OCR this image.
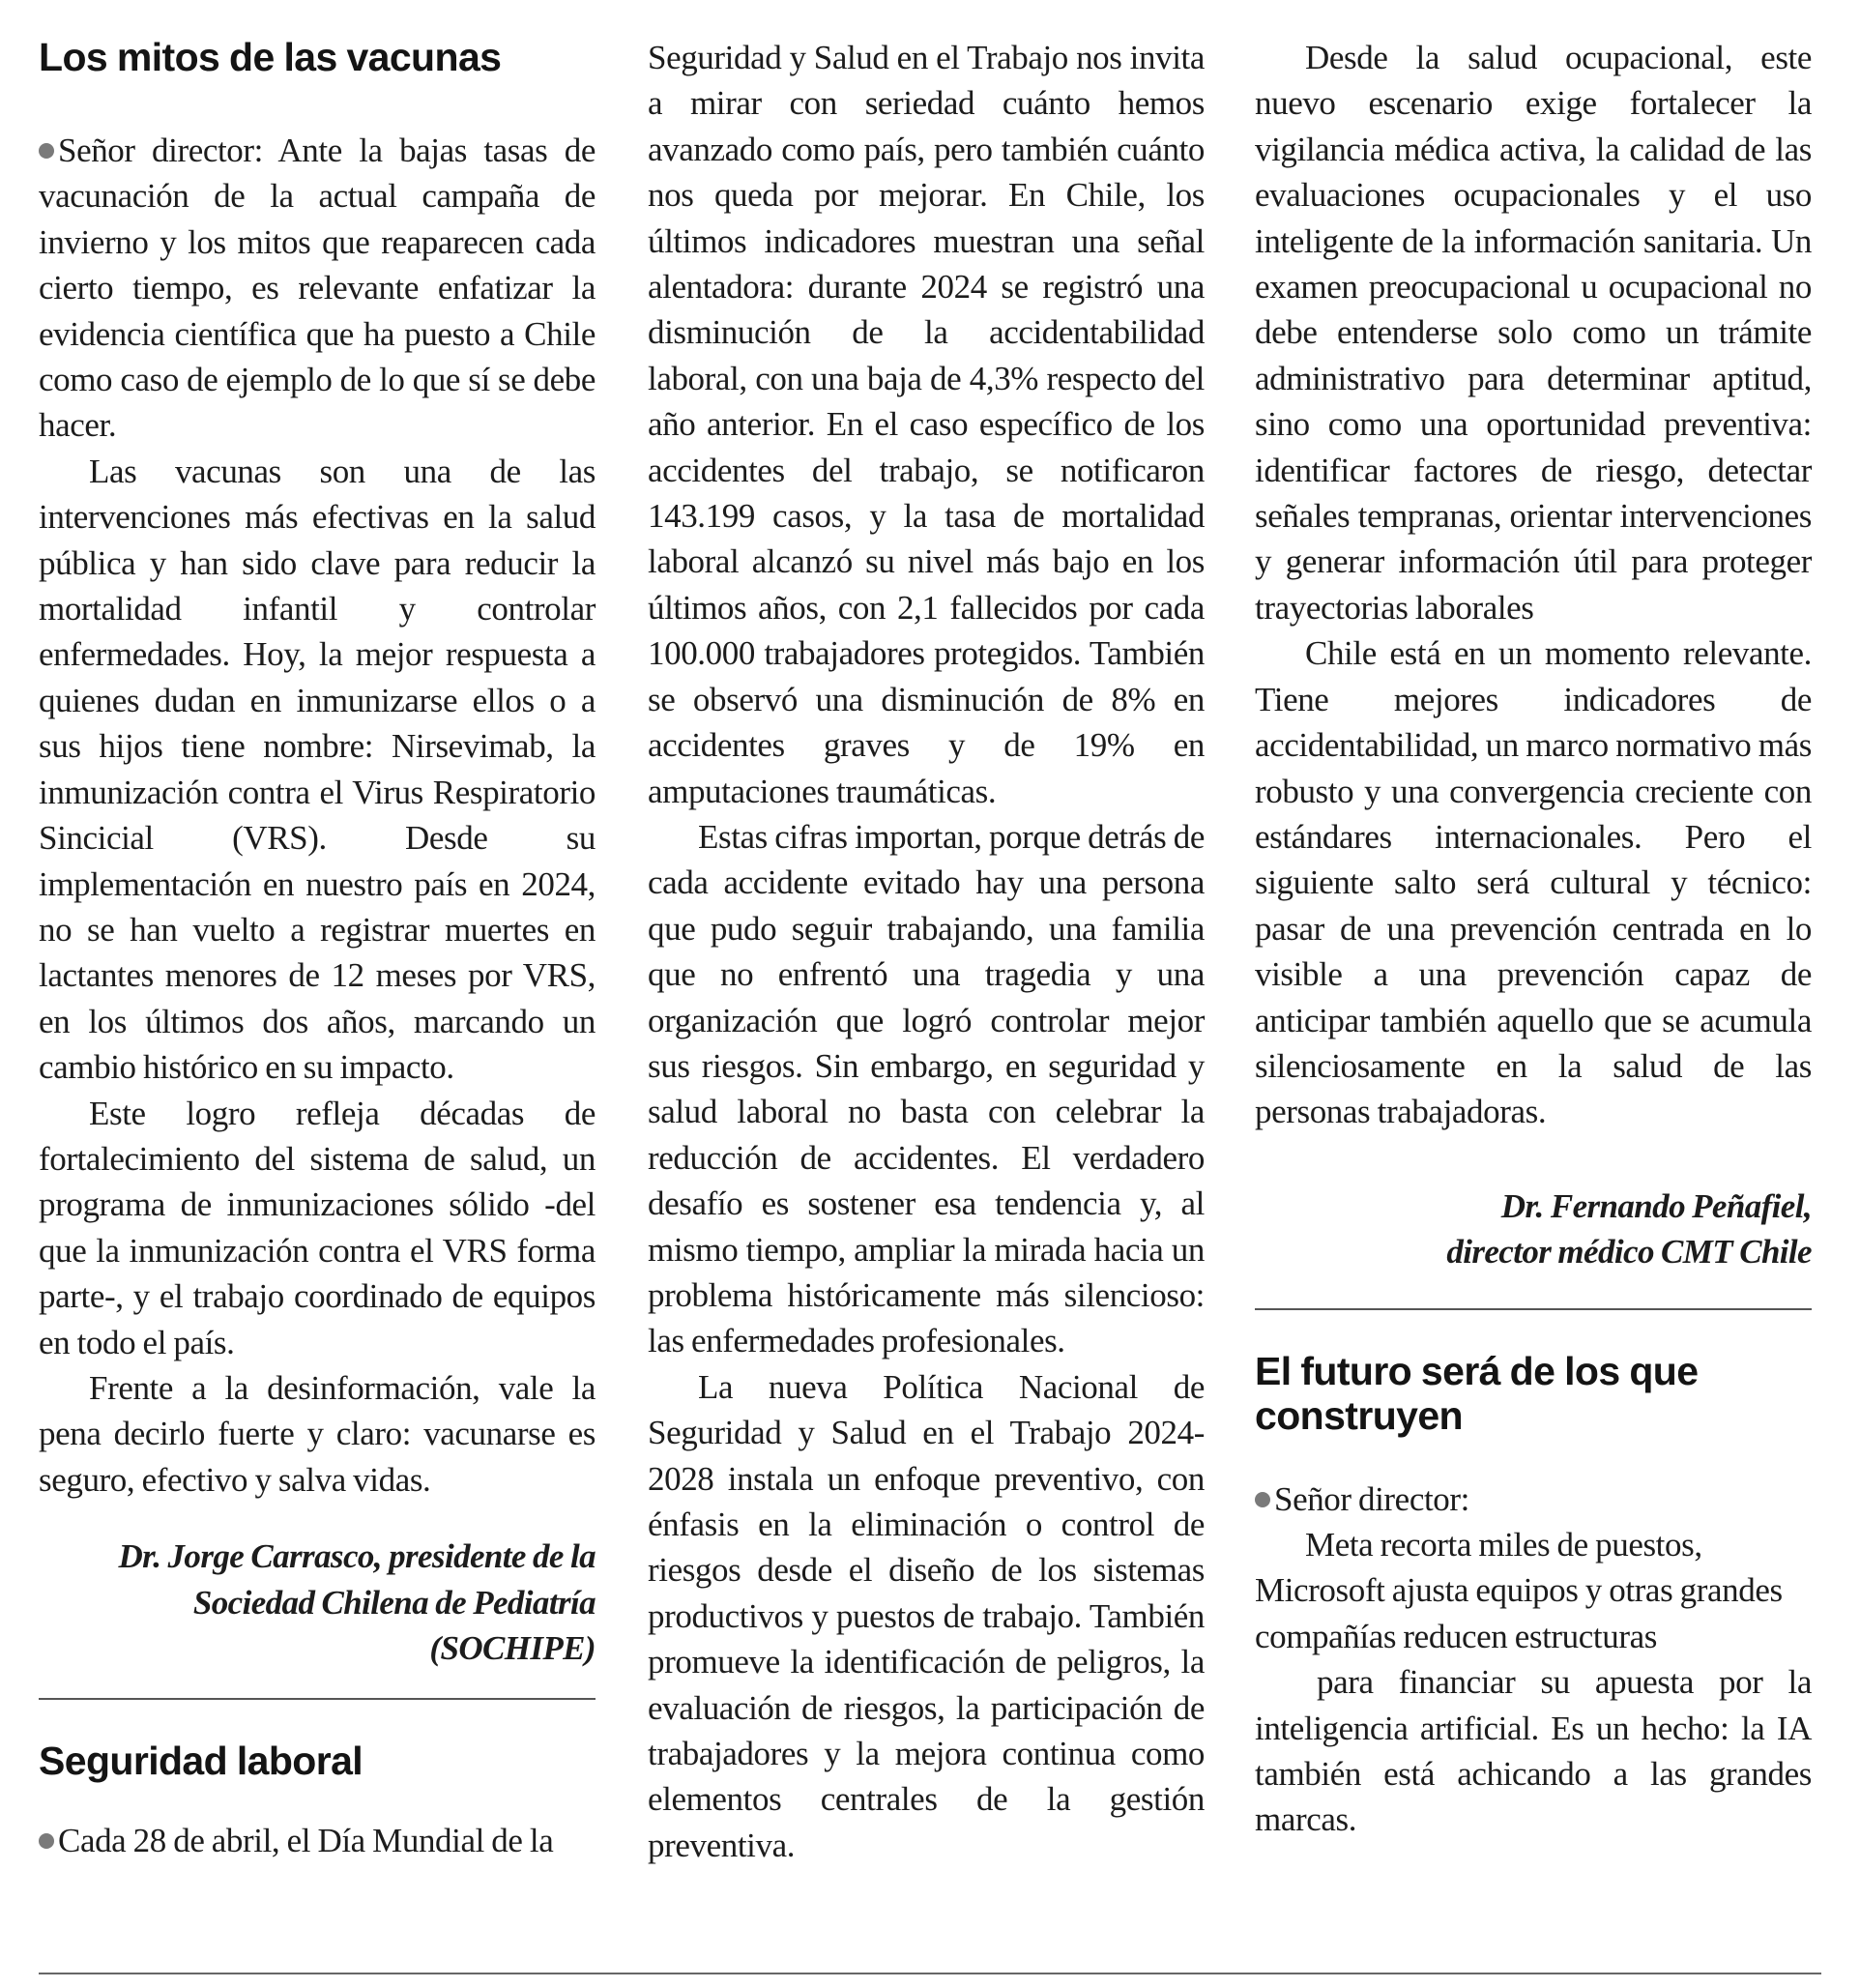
Los mitos de las vacunas

Señor director: Ante la bajas tasas de vacunación de la actual campaña de invierno y los mitos que reaparecen cada cierto tiempo, es relevante enfatizar la evidencia científica que ha puesto a Chile como caso de ejemplo de lo que sí se debe hacer.

Las vacunas son una de las intervenciones más efectivas en la salud pública y han sido clave para reducir la mortalidad infantil y controlar enfermedades. Hoy, la mejor respuesta a quienes dudan en inmunizarse ellos o a sus hijos tiene nombre: Nirsevimab, la inmunización contra el Virus Respiratorio Sincicial (VRS). Desde su implementación en nuestro país en 2024, no se han vuelto a registrar muertes en lactantes menores de 12 meses por VRS, en los últimos dos años, marcando un cambio histórico en su impacto.

Este logro refleja décadas de fortalecimiento del sistema de salud, un programa de inmunizaciones sólido -del que la inmunización contra el VRS forma parte-, y el trabajo coordinado de equipos en todo el país.

Frente a la desinformación, vale la pena decirlo fuerte y claro: vacunarse es seguro, efectivo y salva vidas.

Dr. Jorge Carrasco, presidente de la

Sociedad Chilena de Pediatría

(SOCHIPE)

Seguridad laboral

Cada 28 de abril, el Día Mundial de la

Seguridad y Salud en el Trabajo nos invita a mirar con seriedad cuánto hemos avanzado como país, pero también cuánto nos queda por mejorar. En Chile, los últimos indicadores muestran una señal alentadora: durante 2024 se registró una disminución de la accidentabilidad laboral, con una baja de 4,3% respecto del año anterior. En el caso específico de los accidentes del trabajo, se notificaron 143.199 casos, y la tasa de mortalidad laboral alcanzó su nivel más bajo en los últimos años, con 2,1 fallecidos por cada 100.000 trabajadores protegidos. También se observó una disminución de 8% en accidentes graves y de 19% en amputaciones traumáticas.

Estas cifras importan, porque detrás de cada accidente evitado hay una persona que pudo seguir trabajando, una familia que no enfrentó una tragedia y una organización que logró controlar mejor sus riesgos. Sin embargo, en seguridad y salud laboral no basta con celebrar la reducción de accidentes. El verdadero desafío es sostener esa tendencia y, al mismo tiempo, ampliar la mirada hacia un problema históricamente más silencioso: las enfermedades profesionales.

La nueva Política Nacional de Seguridad y Salud en el Trabajo 2024-2028 instala un enfoque preventivo, con énfasis en la eliminación o control de riesgos desde el diseño de los sistemas productivos y puestos de trabajo. También promueve la identificación de peligros, la evaluación de riesgos, la participación de trabajadores y la mejora continua como elementos centrales de la gestión preventiva.

Desde la salud ocupacional, este nuevo escenario exige fortalecer la vigilancia médica activa, la calidad de las evaluaciones ocupacionales y el uso inteligente de la información sanitaria. Un examen preocupacional u ocupacional no debe entenderse solo como un trámite administrativo para determinar aptitud, sino como una oportunidad preventiva: identificar factores de riesgo, detectar señales tempranas, orientar intervenciones y generar información útil para proteger trayectorias laborales

Chile está en un momento relevante. Tiene mejores indicadores de accidentabilidad, un marco normativo más robusto y una convergencia creciente con estándares internacionales. Pero el siguiente salto será cultural y técnico: pasar de una prevención centrada en lo visible a una prevención capaz de anticipar también aquello que se acumula silenciosamente en la salud de las personas trabajadoras.

Dr. Fernando Peñafiel,

director médico CMT Chile

El futuro será de los que construyen

Señor director:

Meta recorta miles de puestos, Microsoft ajusta equipos y otras grandes compañías reducen estructuras

para financiar su apuesta por la inteligencia artificial. Es un hecho: la IA también está achicando a las grandes marcas.
